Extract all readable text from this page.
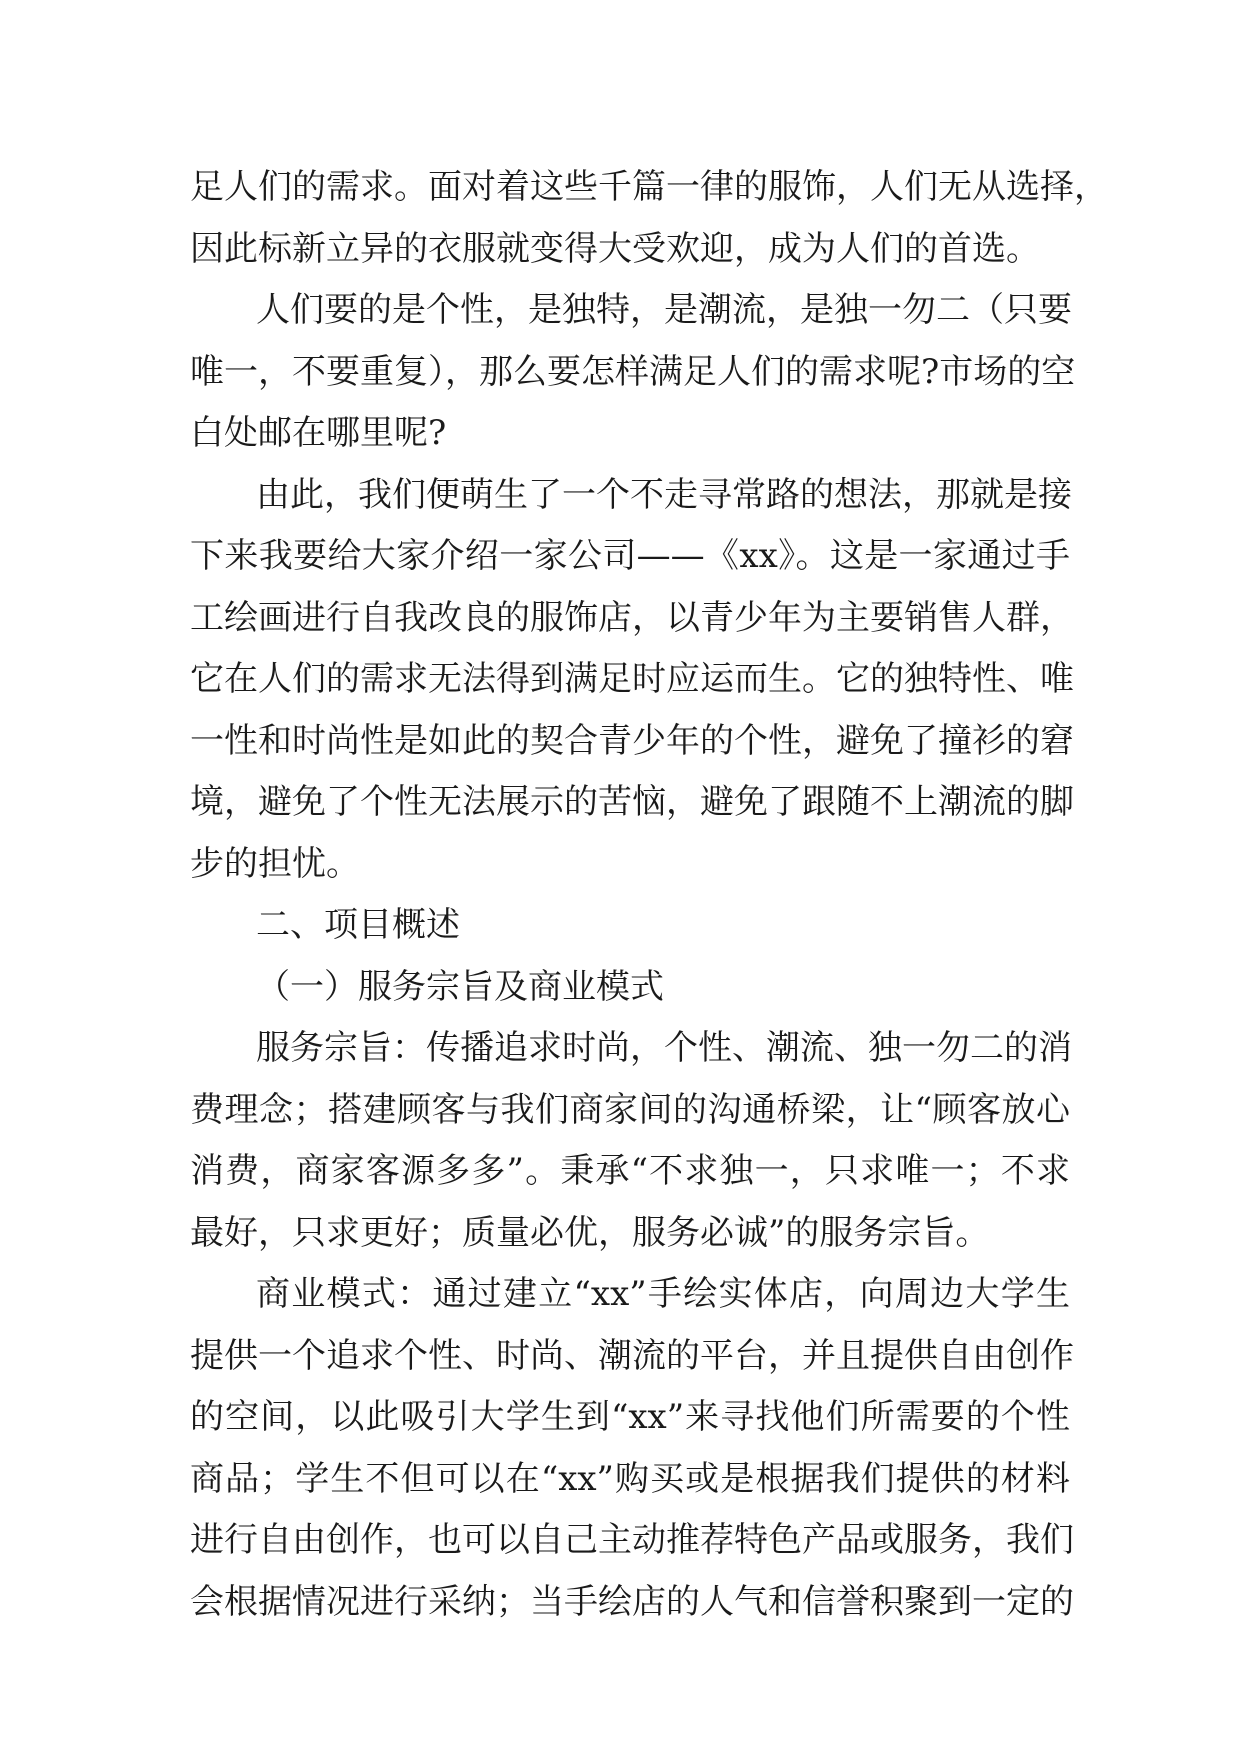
足人们的需求。面对着这些千篇一律的服饰，人们无从选择，
因此标新立异的衣服就变得大受欢迎，成为人们的首选。
人们要的是个性，是独特，是潮流，是独一勿二（只要
唯一，不要重复），那么要怎样满足人们的需求呢?市场的空
白处邮在哪里呢?
由此，我们便萌生了一个不走寻常路的想法，那就是接
下来我要给大家介绍一家公司——《xx》。这是一家通过手
工绘画进行自我改良的服饰店，以青少年为主要销售人群，
它在人们的需求无法得到满足时应运而生。它的独特性、唯
一性和时尚性是如此的契合青少年的个性，避免了撞衫的窘
境，避免了个性无法展示的苦恼，避免了跟随不上潮流的脚
步的担忧。
二、项目概述
（一）服务宗旨及商业模式
服务宗旨：传播追求时尚，个性、潮流、独一勿二的消
费理念；搭建顾客与我们商家间的沟通桥梁，让“顾客放心
消费，商家客源多多”。秉承“不求独一，只求唯一；不求
最好，只求更好；质量必优，服务必诚”的服务宗旨。
商业模式：通过建立“xx”手绘实体店，向周边大学生
提供一个追求个性、时尚、潮流的平台，并且提供自由创作
的空间，以此吸引大学生到“xx”来寻找他们所需要的个性
商品；学生不但可以在“xx”购买或是根据我们提供的材料
进行自由创作，也可以自己主动推荐特色产品或服务，我们
会根据情况进行采纳；当手绘店的人气和信誉积聚到一定的
